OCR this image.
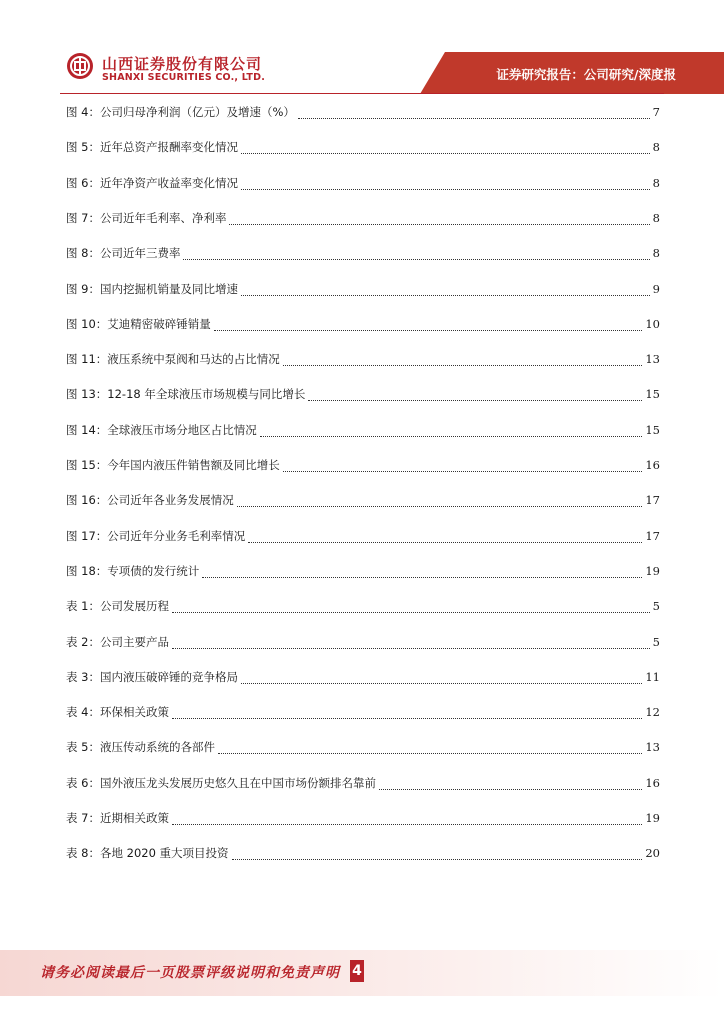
山西证券股份有限公司
SHANXI SECURITIES CO., LTD.	证券研究报告：公司研究/深度报
图 4：公司归母净利润（亿元）及增速（%）	7
图 5：近年总资产报酬率变化情况	8
图 6：近年净资产收益率变化情况	8
图 7：公司近年毛利率、净利率	8
图 8：公司近年三费率	8
图 9：国内挖掘机销量及同比增速	9
图 10：艾迪精密破碎锤销量	10
图 11：液压系统中泵阀和马达的占比情况	13
图 13：12-18 年全球液压市场规模与同比增长	15
图 14：全球液压市场分地区占比情况	15
图 15：今年国内液压件销售额及同比增长	16
图 16：公司近年各业务发展情况	17
图 17：公司近年分业务毛利率情况	17
图 18：专项债的发行统计	19
表 1：公司发展历程	5
表 2：公司主要产品	5
表 3：国内液压破碎锤的竞争格局	11
表 4：环保相关政策	12
表 5：液压传动系统的各部件	13
表 6：国外液压龙头发展历史悠久且在中国市场份额排名靠前	16
表 7：近期相关政策	19
表 8：各地 2020 重大项目投资	20
请务必阅读最后一页股票评级说明和免责声明 4
